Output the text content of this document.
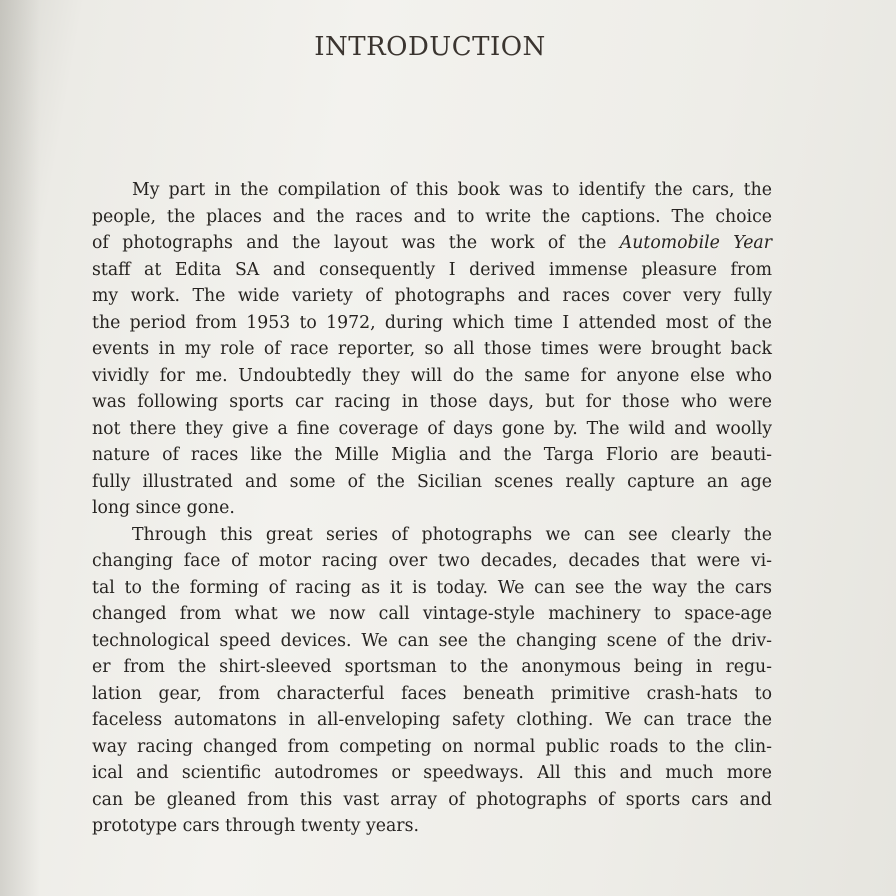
INTRODUCTION
My part in the compilation of this book was to identify the cars, the
people, the places and the races and to write the captions. The choice
of photographs and the layout was the work of the Automobile Year
staff at Edita SA and consequently I derived immense pleasure from
my work. The wide variety of photographs and races cover very fully
the period from 1953 to 1972, during which time I attended most of the
events in my role of race reporter, so all those times were brought back
vividly for me. Undoubtedly they will do the same for anyone else who
was following sports car racing in those days, but for those who were
not there they give a fine coverage of days gone by. The wild and woolly
nature of races like the Mille Miglia and the Targa Florio are beauti-
fully illustrated and some of the Sicilian scenes really capture an age
long since gone.
Through this great series of photographs we can see clearly the
changing face of motor racing over two decades, decades that were vi-
tal to the forming of racing as it is today. We can see the way the cars
changed from what we now call vintage-style machinery to space-age
technological speed devices. We can see the changing scene of the driv-
er from the shirt-sleeved sportsman to the anonymous being in regu-
lation gear, from characterful faces beneath primitive crash-hats to
faceless automatons in all-enveloping safety clothing. We can trace the
way racing changed from competing on normal public roads to the clin-
ical and scientific autodromes or speedways. All this and much more
can be gleaned from this vast array of photographs of sports cars and
prototype cars through twenty years.
